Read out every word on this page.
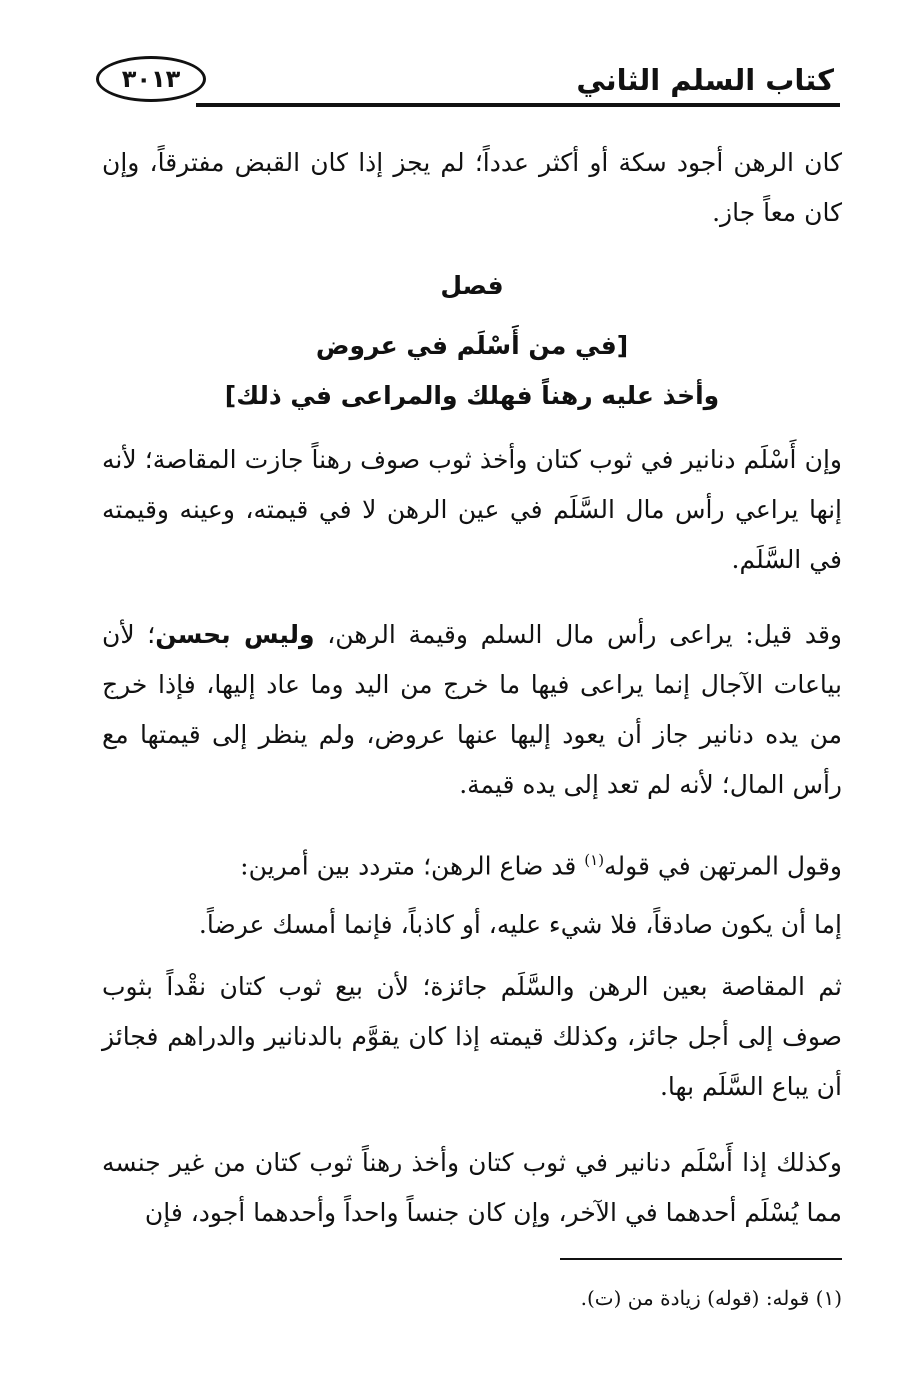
كتاب السلم الثاني
٣٠١٣

كان الرهن أجود سكة أو أكثر عدداً؛ لم يجز إذا كان القبض مفترقاً، وإن كان معاً جاز.

فصل
[في من أَسْلَم في عروض
وأخذ عليه رهناً فهلك والمراعى في ذلك]
وإن أَسْلَم دنانير في ثوب كتان وأخذ ثوب صوف رهناً جازت المقاصة؛ لأنه إنها يراعي رأس مال السَّلَم في عين الرهن لا في قيمته، وعينه وقيمته في السَّلَم.
وقد قيل: يراعى رأس مال السلم وقيمة الرهن، وليس بحسن؛ لأن بياعات الآجال إنما يراعى فيها ما خرج من اليد وما عاد إليها، فإذا خرج من يده دنانير جاز أن يعود إليها عنها عروض، ولم ينظر إلى قيمتها مع رأس المال؛ لأنه لم تعد إلى يده قيمة.
وقول المرتهن في قوله$^{(١)}$ قد ضاع الرهن؛ متردد بين أمرين:
إما أن يكون صادقاً، فلا شيء عليه، أو كاذباً، فإنما أمسك عرضاً.
ثم المقاصة بعين الرهن والسَّلَم جائزة؛ لأن بيع ثوب كتان نقْداً بثوب صوف إلى أجل جائز، وكذلك قيمته إذا كان يقوَّم بالدنانير والدراهم فجائز أن يباع السَّلَم بها.
وكذلك إذا أَسْلَم دنانير في ثوب كتان وأخذ رهناً ثوب كتان من غير جنسه مما يُسْلَم أحدهما في الآخر، وإن كان جنساً واحداً وأحدهما أجود، فإن
(١) قوله: (قوله) زيادة من (ت).
